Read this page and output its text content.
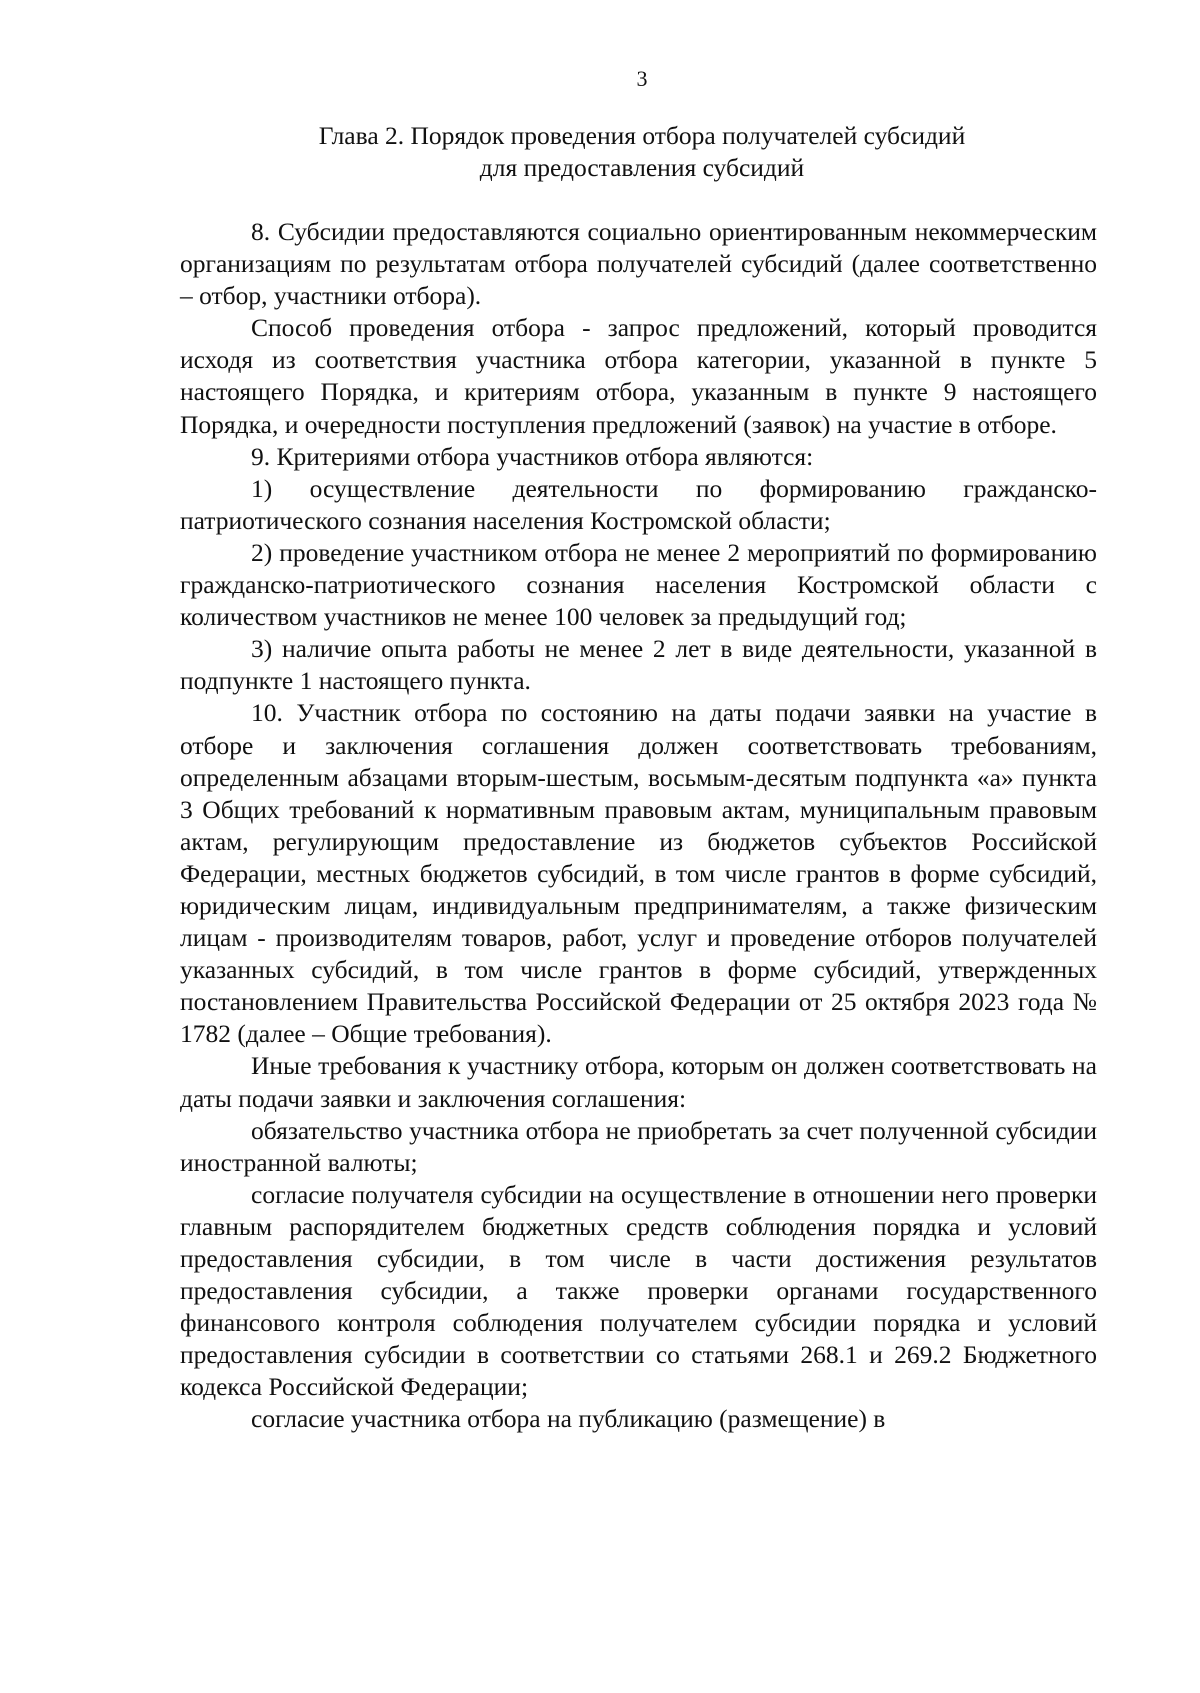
3
Глава 2. Порядок проведения отбора получателей субсидий
для предоставления субсидий

8. Субсидии предоставляются социально ориентированным некоммерческим организациям по результатам отбора получателей субсидий (далее соответственно – отбор, участники отбора).

Способ проведения отбора - запрос предложений, который проводится исходя из соответствия участника отбора категории, указанной в пункте 5 настоящего Порядка, и критериям отбора, указанным в пункте 9 настоящего Порядка, и очередности поступления предложений (заявок) на участие в отборе.

9. Критериями отбора участников отбора являются:

1) осуществление деятельности по формированию гражданско-патриотического сознания населения Костромской области;

2) проведение участником отбора не менее 2 мероприятий по формированию гражданско-патриотического сознания населения Костромской области с количеством участников не менее 100 человек за предыдущий год;

3) наличие опыта работы не менее 2 лет в виде деятельности, указанной в подпункте 1 настоящего пункта.

10. Участник отбора по состоянию на даты подачи заявки на участие в отборе и заключения соглашения должен соответствовать требованиям, определенным абзацами вторым-шестым, восьмым-десятым подпункта «а» пункта 3 Общих требований к нормативным правовым актам, муниципальным правовым актам, регулирующим предоставление из бюджетов субъектов Российской Федерации, местных бюджетов субсидий, в том числе грантов в форме субсидий, юридическим лицам, индивидуальным предпринимателям, а также физическим лицам - производителям товаров, работ, услуг и проведение отборов получателей указанных субсидий, в том числе грантов в форме субсидий, утвержденных постановлением Правительства Российской Федерации от 25 октября 2023 года № 1782 (далее – Общие требования).

Иные требования к участнику отбора, которым он должен соответствовать на даты подачи заявки и заключения соглашения:

обязательство участника отбора не приобретать за счет полученной субсидии иностранной валюты;

согласие получателя субсидии на осуществление в отношении него проверки главным распорядителем бюджетных средств соблюдения порядка и условий предоставления субсидии, в том числе в части достижения результатов предоставления субсидии, а также проверки органами государственного финансового контроля соблюдения получателем субсидии порядка и условий предоставления субсидии в соответствии со статьями 268.1 и 269.2 Бюджетного кодекса Российской Федерации;

согласие участника отбора на публикацию (размещение) в
